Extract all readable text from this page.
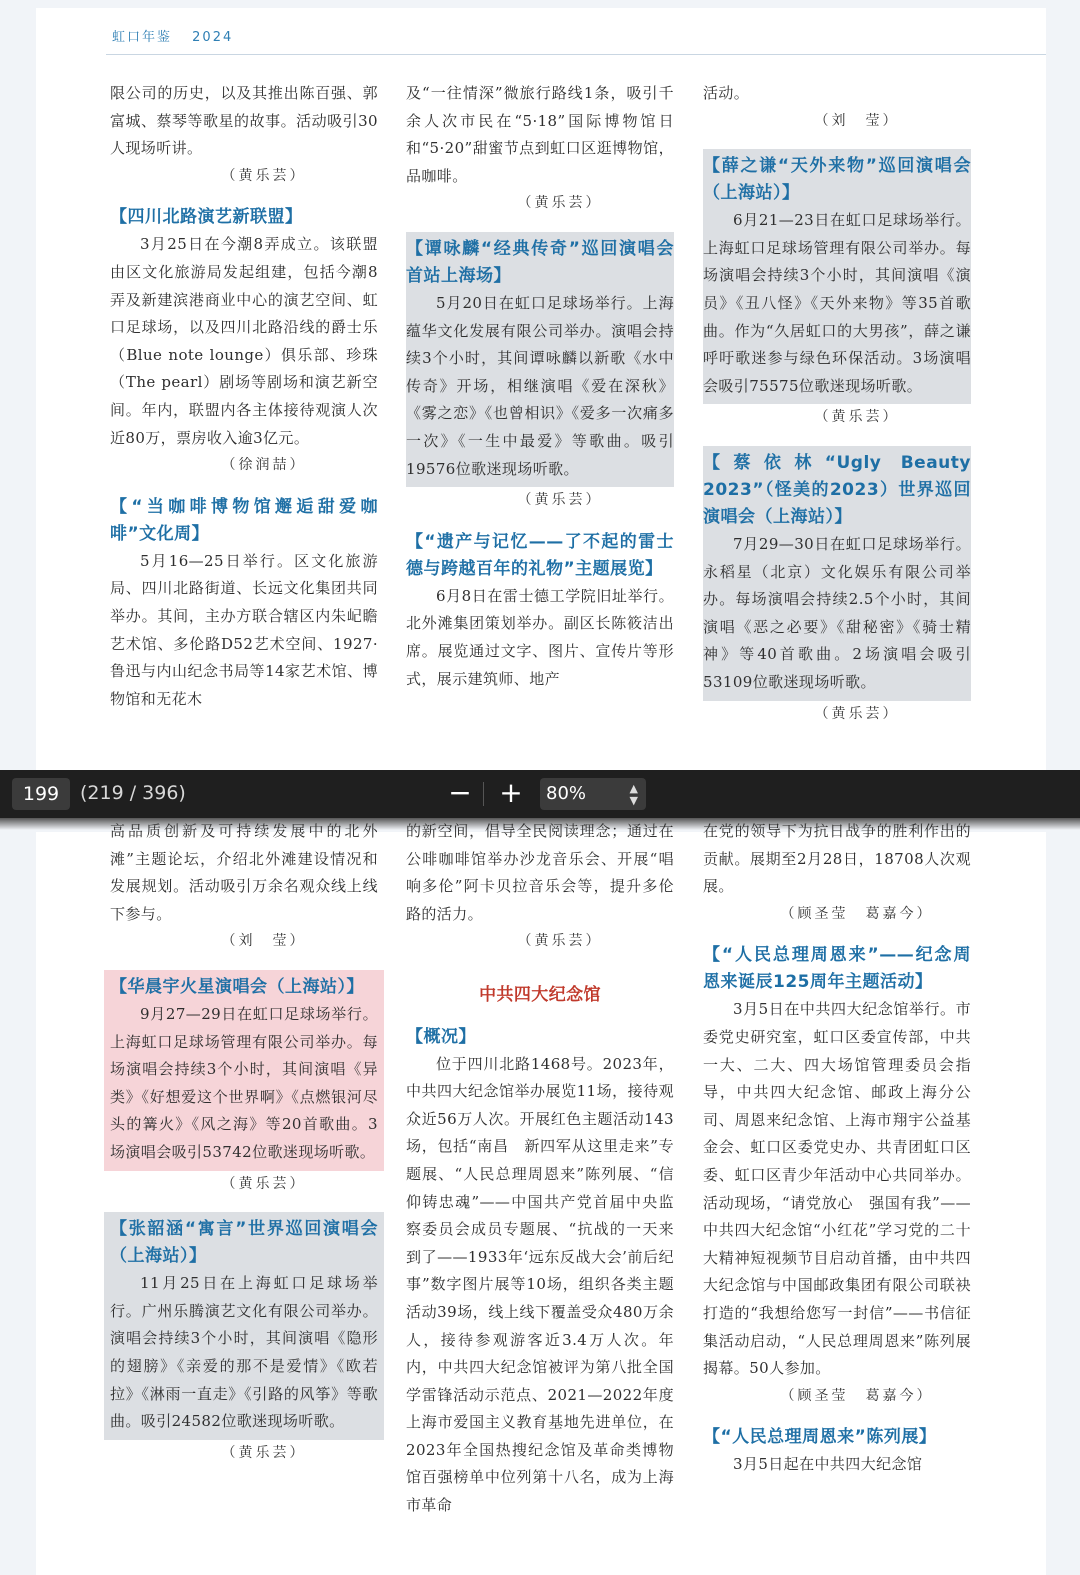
虹口年鉴 2024

限公司的历史，以及其推出陈百强、郭富城、蔡琴等歌星的故事。活动吸引30人现场听讲。

（黄乐芸）

【四川北路演艺新联盟】

3月25日在今潮8弄成立。该联盟由区文化旅游局发起组建，包括今潮8弄及新建滨港商业中心的演艺空间、虹口足球场，以及四川北路沿线的爵士乐（Blue note lounge）俱乐部、珍珠（The pearl）剧场等剧场和演艺新空间。年内，联盟内各主体接待观演人次近80万，票房收入逾3亿元。

（徐润喆）

【“当咖啡博物馆邂逅甜爱咖啡”文化周】

5月16—25日举行。区文化旅游局、四川北路街道、长远文化集团共同举办。其间，主办方联合辖区内朱屺瞻艺术馆、多伦路D52艺术空间、1927·鲁迅与内山纪念书局等14家艺术馆、博物馆和无花木

及“一往情深”微旅行路线1条，吸引千余人次市民在“5·18”国际博物馆日和“5·20”甜蜜节点到虹口区逛博物馆，品咖啡。

（黄乐芸）

【谭咏麟“经典传奇”巡回演唱会首站上海场】

5月20日在虹口足球场举行。上海蕴华文化发展有限公司举办。演唱会持续3个小时，其间谭咏麟以新歌《水中传奇》开场，相继演唱《爱在深秋》《雾之恋》《也曾相识》《爱多一次痛多一次》《一生中最爱》等歌曲。吸引19576位歌迷现场听歌。

（黄乐芸）

【“遗产与记忆——了不起的雷士德与跨越百年的礼物”主题展览】

6月8日在雷士德工学院旧址举行。北外滩集团策划举办。副区长陈筱洁出席。展览通过文字、图片、宣传片等形式，展示建筑师、地产

活动。

（刘　莹）

【薛之谦“天外来物”巡回演唱会（上海站）】

6月21—23日在虹口足球场举行。上海虹口足球场管理有限公司举办。每场演唱会持续3个小时，其间演唱《演员》《丑八怪》《天外来物》等35首歌曲。作为“久居虹口的大男孩”，薛之谦呼吁歌迷参与绿色环保活动。3场演唱会吸引75575位歌迷现场听歌。

（黄乐芸）

【蔡依林“Ugly Beauty 2023”（怪美的2023）世界巡回演唱会（上海站）】

7月29—30日在虹口足球场举行。永稻星（北京）文化娱乐有限公司举办。每场演唱会持续2.5个小时，其间演唱《恶之必要》《甜秘密》《骑士精神》等40首歌曲。2场演唱会吸引53109位歌迷现场听歌。

（黄乐芸）

199	(219 / 396)	− +	80%	▲
▼

高品质创新及可持续发展中的北外滩”主题论坛，介绍北外滩建设情况和发展规划。活动吸引万余名观众线上线下参与。

（刘　莹）

【华晨宇火星演唱会（上海站）】

9月27—29日在虹口足球场举行。上海虹口足球场管理有限公司举办。每场演唱会持续3个小时，其间演唱《异类》《好想爱这个世界啊》《点燃银河尽头的篝火》《风之海》等20首歌曲。3场演唱会吸引53742位歌迷现场听歌。

（黄乐芸）

【张韶涵“寓言”世界巡回演唱会（上海站）】

11月25日在上海虹口足球场举行。广州乐腾演艺文化有限公司举办。演唱会持续3个小时，其间演唱《隐形的翅膀》《亲爱的那不是爱情》《欧若拉》《淋雨一直走》《引路的风筝》等歌曲。吸引24582位歌迷现场听歌。

（黄乐芸）

的新空间，倡导全民阅读理念；通过在公啡咖啡馆举办沙龙音乐会、开展“唱响多伦”阿卡贝拉音乐会等，提升多伦路的活力。

（黄乐芸）

中共四大纪念馆

【概况】

位于四川北路1468号。2023年，中共四大纪念馆举办展览11场，接待观众近56万人次。开展红色主题活动143场，包括“南昌　新四军从这里走来”专题展、“人民总理周恩来”陈列展、“信仰铸忠魂”——中国共产党首届中央监察委员会成员专题展、“抗战的一天来到了——1933年‘远东反战大会’前后纪事”数字图片展等10场，组织各类主题活动39场，线上线下覆盖受众480万余人，接待参观游客近3.4万人次。年内，中共四大纪念馆被评为第八批全国学雷锋活动示范点、2021—2022年度上海市爱国主义教育基地先进单位，在2023年全国热搜纪念馆及革命类博物馆百强榜单中位列第十八名，成为上海市革命

在党的领导下为抗日战争的胜利作出的贡献。展期至2月28日，18708人次观展。

（顾圣莹　葛嘉今）

【“人民总理周恩来”——纪念周恩来诞辰125周年主题活动】

3月5日在中共四大纪念馆举行。市委党史研究室，虹口区委宣传部，中共一大、二大、四大场馆管理委员会指导，中共四大纪念馆、邮政上海分公司、周恩来纪念馆、上海市翔宇公益基金会、虹口区委党史办、共青团虹口区委、虹口区青少年活动中心共同举办。活动现场，“请党放心　强国有我”——中共四大纪念馆“小红花”学习党的二十大精神短视频节目启动首播，由中共四大纪念馆与中国邮政集团有限公司联袂打造的“我想给您写一封信”——书信征集活动启动，“人民总理周恩来”陈列展揭幕。50人参加。

（顾圣莹　葛嘉今）

【“人民总理周恩来”陈列展】

3月5日起在中共四大纪念馆
